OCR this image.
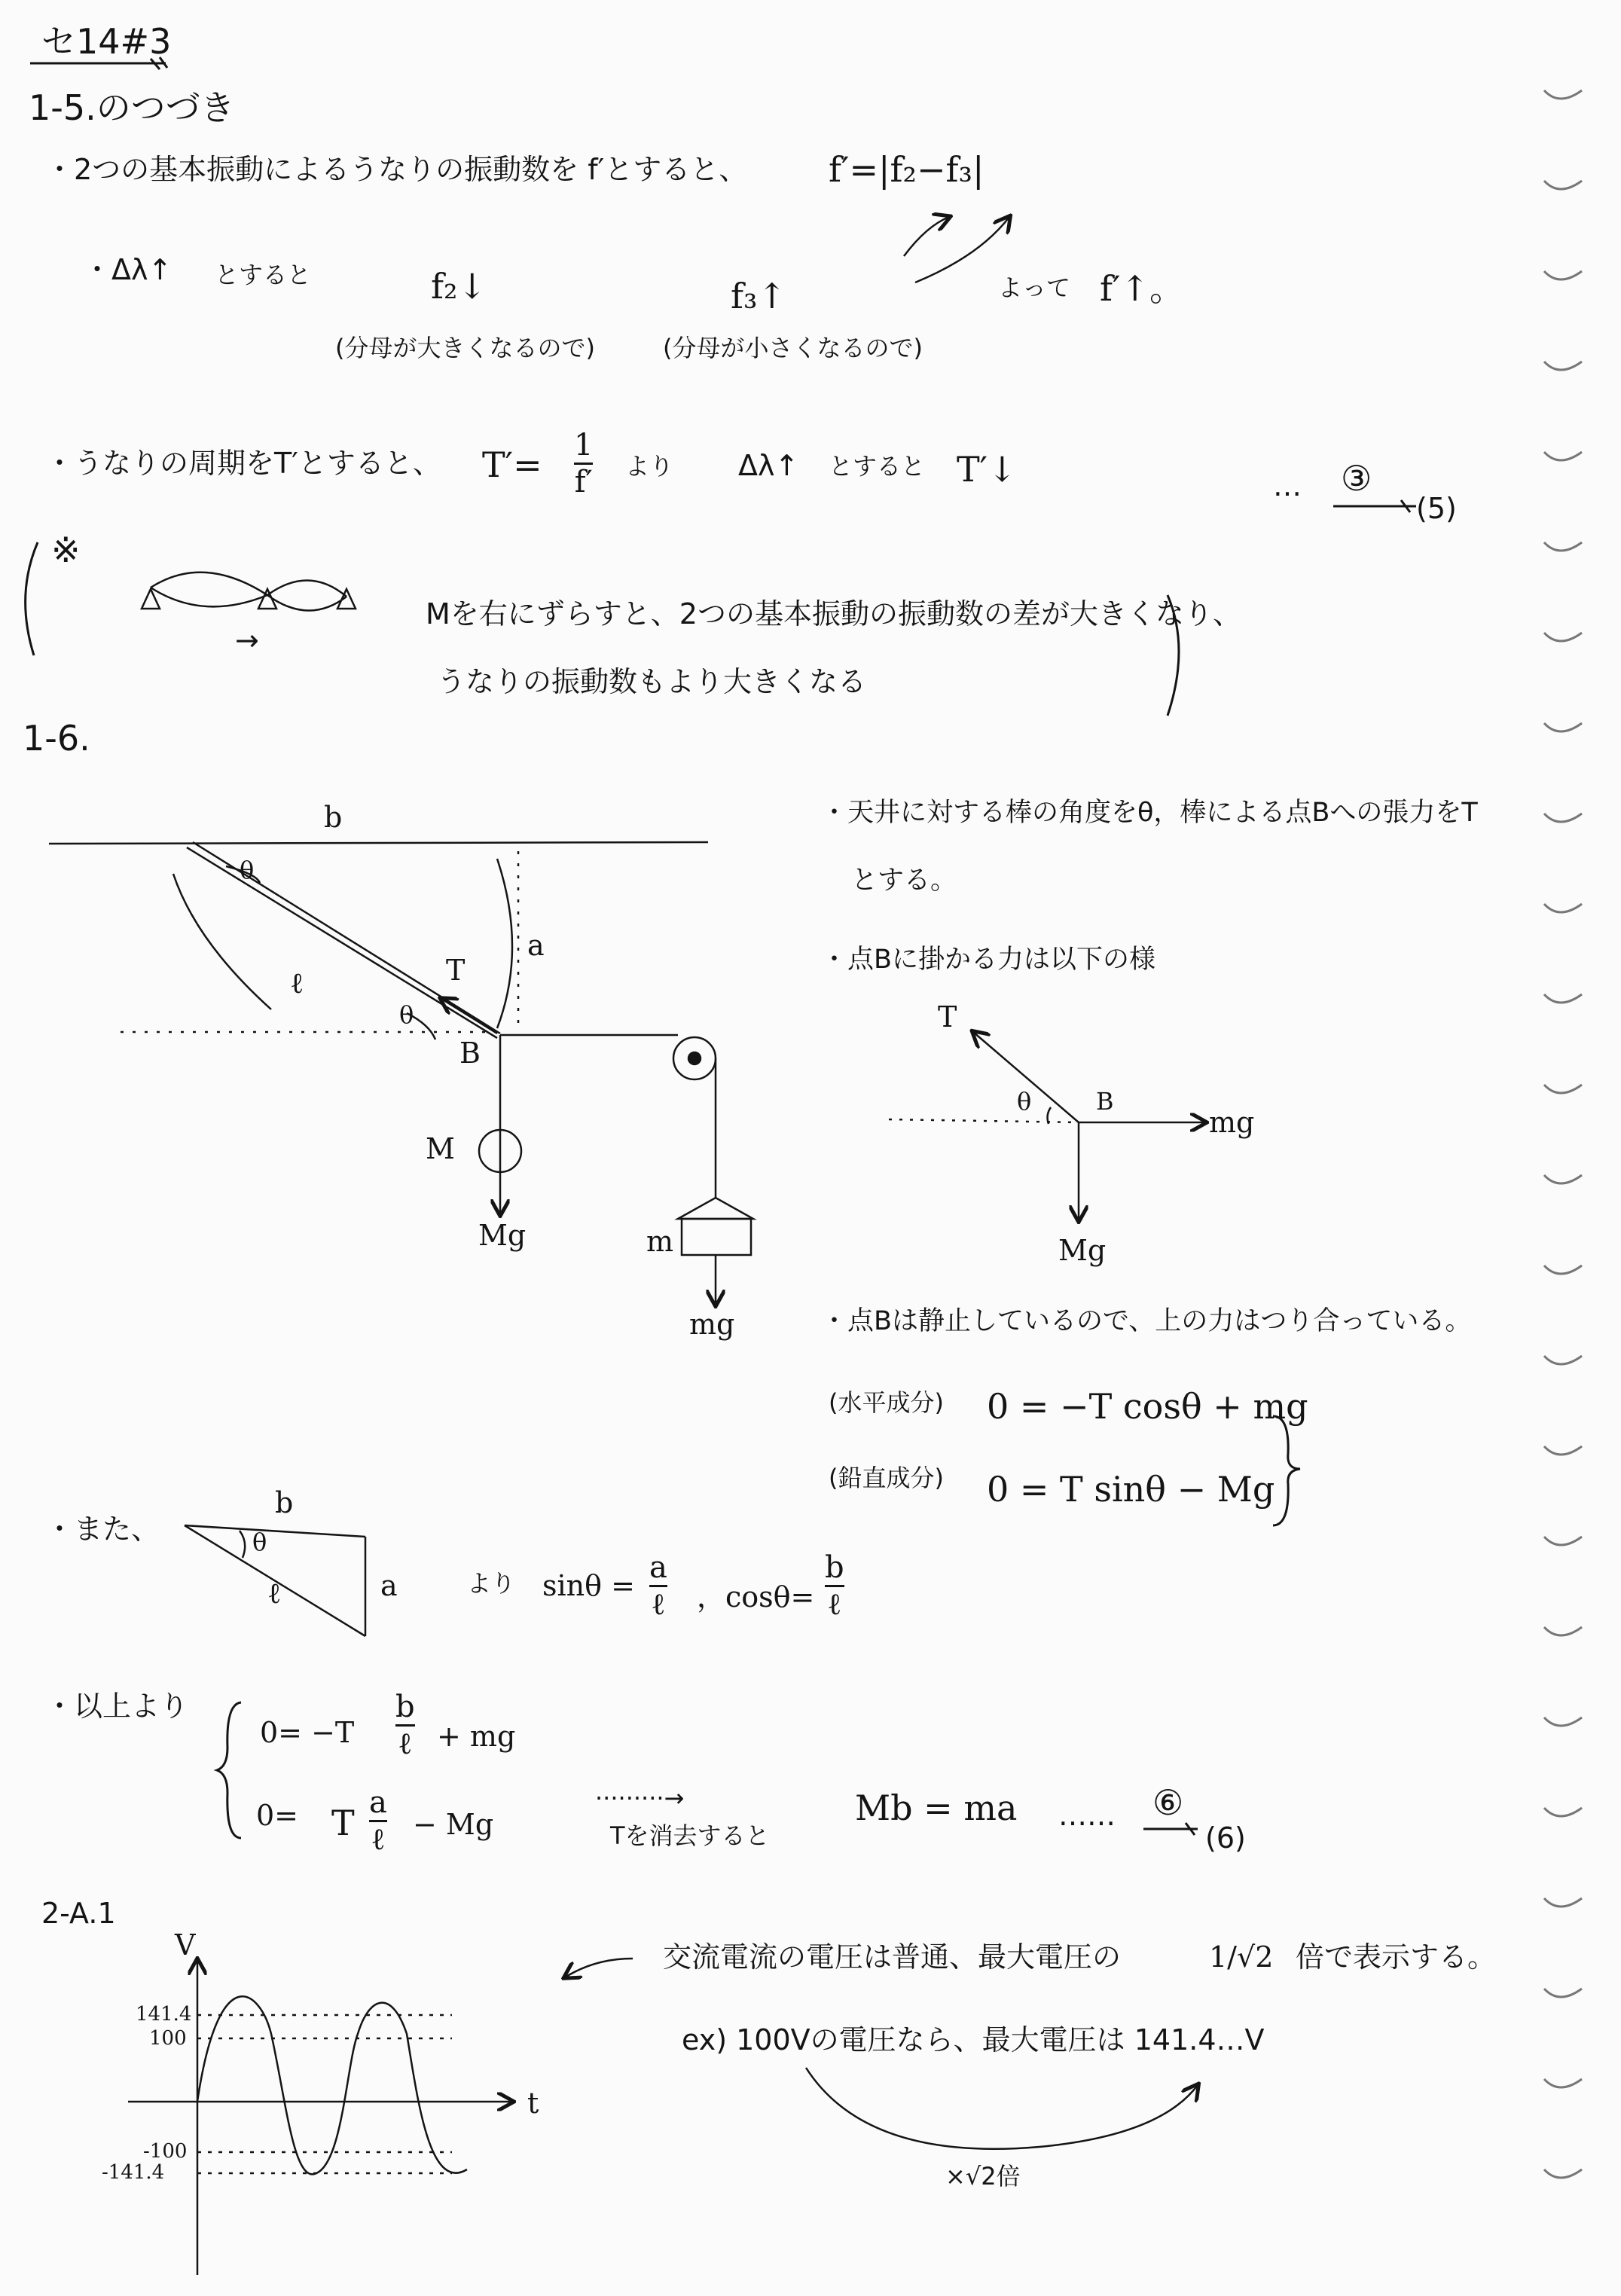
セ14#3
1-5.のつづき
・2つの基本振動によるうなりの振動数を f′とすると、 f′=|f₂−f₃|
・Δλ↑ とすると	f₂↓
(分母が大きくなるので)
f₃↑
(分母が小さくなるので)
よって f′↑。
・うなりの周期をT′とすると、 T′= 1
f′ より Δλ↑ とすると T′↓	… ③
(5)
※
→
Mを右にずらすと、2つの基本振動の振動数の差が大きくなり、
うなりの振動数もより大きくなる
1-6.
b
a
ℓ	T
θ
θ
B
M
Mg	m
mg
・天井に対する棒の角度をθ，棒による点Bへの張力をT
とする。
・点Bに掛かる力は以下の様
T
θ	B
mg
Mg
・点Bは静止しているので、上の力はつり合っている。
(水平成分) 0 = −T cosθ + mg
(鉛直成分) 0 = T sinθ − Mg
・また、
b
a
ℓ
θ
より sinθ =
a
ℓ ，cosθ=
b
ℓ
・以上より
0= −T
b
ℓ + mg
0= T a
ℓ − Mg
·········→
Tを消去すると
Mb = ma …… ⑥
(6)
2-A.1
V
t
141.4
100
-100
-141.4
交流電流の電圧は普通、最大電圧の	1/√2 倍で表示する。
ex) 100Vの電圧なら、最大電圧は 141.4…V
×√2倍
